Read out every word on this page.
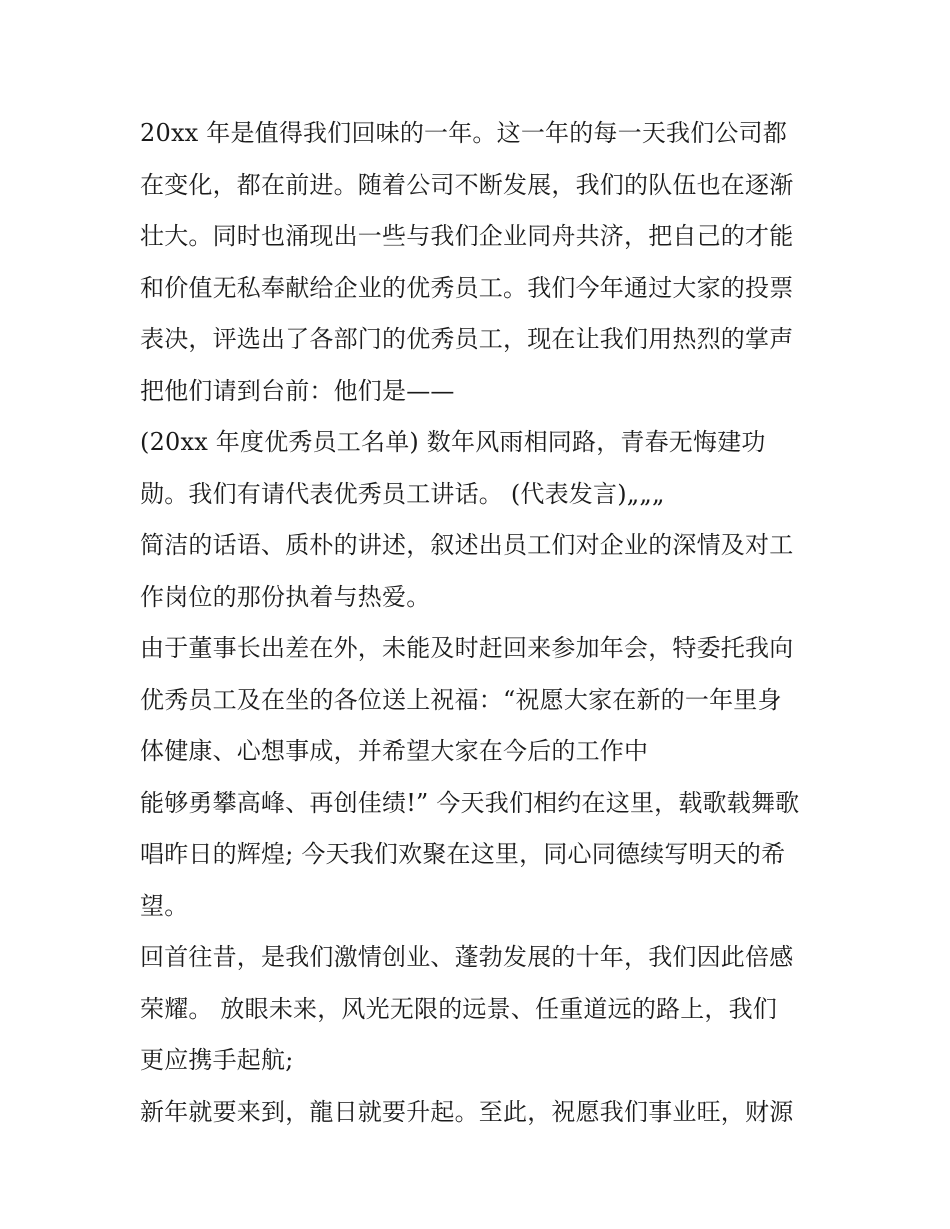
20xx 年是值得我们回味的一年。这一年的每一天我们公司都
在变化，都在前进。随着公司不断发展，我们的队伍也在逐渐
壮大。同时也涌现出一些与我们企业同舟共济，把自己的才能
和价值无私奉献给企业的优秀员工。我们今年通过大家的投票
表决，评选出了各部门的优秀员工，现在让我们用热烈的掌声
把他们请到台前：他们是——
(20xx 年度优秀员工名单) 数年风雨相同路，青春无悔建功
勋。我们有请代表优秀员工讲话。 (代表发言)„„„
简洁的话语、质朴的讲述，叙述出员工们对企业的深情及对工
作岗位的那份执着与热爱。
由于董事长出差在外，未能及时赶回来参加年会，特委托我向
优秀员工及在坐的各位送上祝福：“祝愿大家在新的一年里身
体健康、心想事成，并希望大家在今后的工作中
能够勇攀高峰、再创佳绩!” 今天我们相约在这里，载歌载舞歌
唱昨日的辉煌; 今天我们欢聚在这里，同心同德续写明天的希
望。
回首往昔，是我们激情创业、蓬勃发展的十年，我们因此倍感
荣耀。 放眼未来，风光无限的远景、任重道远的路上，我们
更应携手起航;
新年就要来到，龍日就要升起。至此，祝愿我们事业旺，财源
